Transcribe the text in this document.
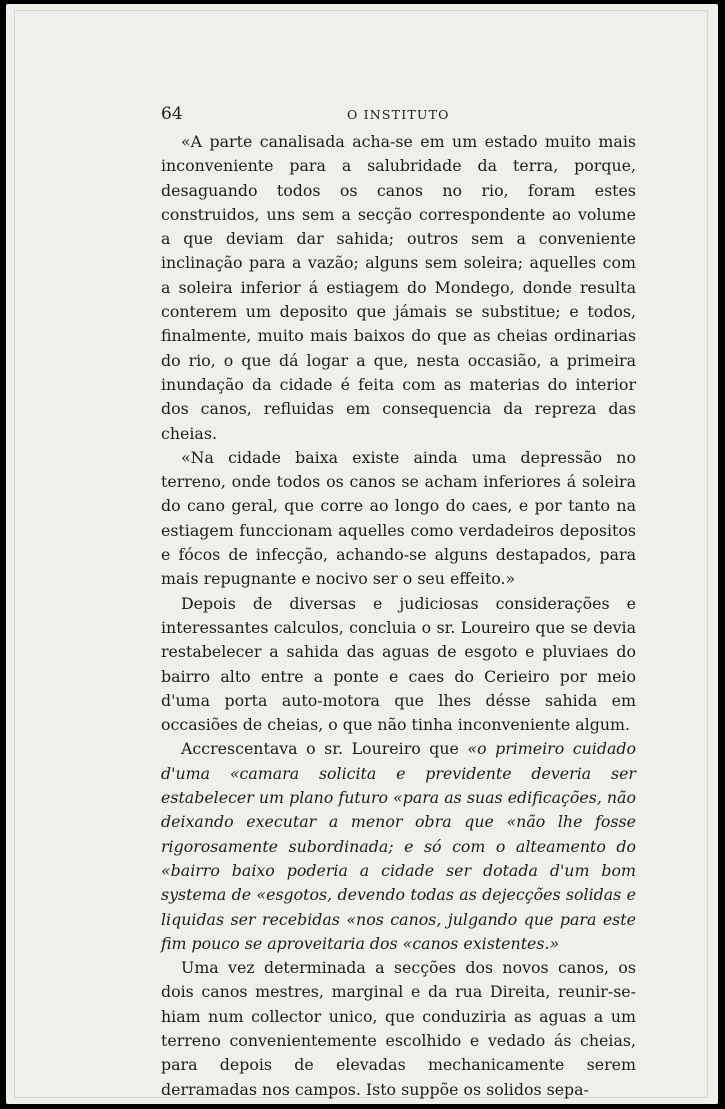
64	O INSTITUTO

«A parte canalisada acha-se em um estado muito mais inconveniente para a salubridade da terra, porque, desaguando todos os canos no rio, foram estes construidos, uns sem a secção correspondente ao volume a que deviam dar sahida; outros sem a conveniente inclinação para a vazão; alguns sem soleira; aquelles com a soleira inferior á estiagem do Mondego, donde resulta conterem um deposito que jámais se substitue; e todos, finalmente, muito mais baixos do que as cheias ordinarias do rio, o que dá logar a que, nesta occasião, a primeira inundação da cidade é feita com as materias do interior dos canos, refluidas em consequencia da repreza das cheias.

«Na cidade baixa existe ainda uma depressão no terreno, onde todos os canos se acham inferiores á soleira do cano geral, que corre ao longo do caes, e por tanto na estiagem funccionam aquelles como verdadeiros depositos e fócos de infecção, achando-se alguns destapados, para mais repugnante e nocivo ser o seu effeito.»

Depois de diversas e judiciosas considerações e interessantes calculos, concluia o sr. Loureiro que se devia restabelecer a sahida das aguas de esgoto e pluviaes do bairro alto entre a ponte e caes do Cerieiro por meio d'uma porta auto-motora que lhes désse sahida em occasiões de cheias, o que não tinha inconveniente algum.

Accrescentava o sr. Loureiro que «o primeiro cuidado d'uma «camara solicita e previdente deveria ser estabelecer um plano futuro «para as suas edificações, não deixando executar a menor obra que «não lhe fosse rigorosamente subordinada; e só com o alteamento do «bairro baixo poderia a cidade ser dotada d'um bom systema de «esgotos, devendo todas as dejecções solidas e liquidas ser recebidas «nos canos, julgando que para este fim pouco se aproveitaria dos «canos existentes.»

Uma vez determinada a secções dos novos canos, os dois canos mestres, marginal e da rua Direita, reunir-se-hiam num collector unico, que conduziria as aguas a um terreno convenientemente escolhido e vedado ás cheias, para depois de elevadas mechanicamente serem derramadas nos campos. Isto suppõe os solidos sepa-
